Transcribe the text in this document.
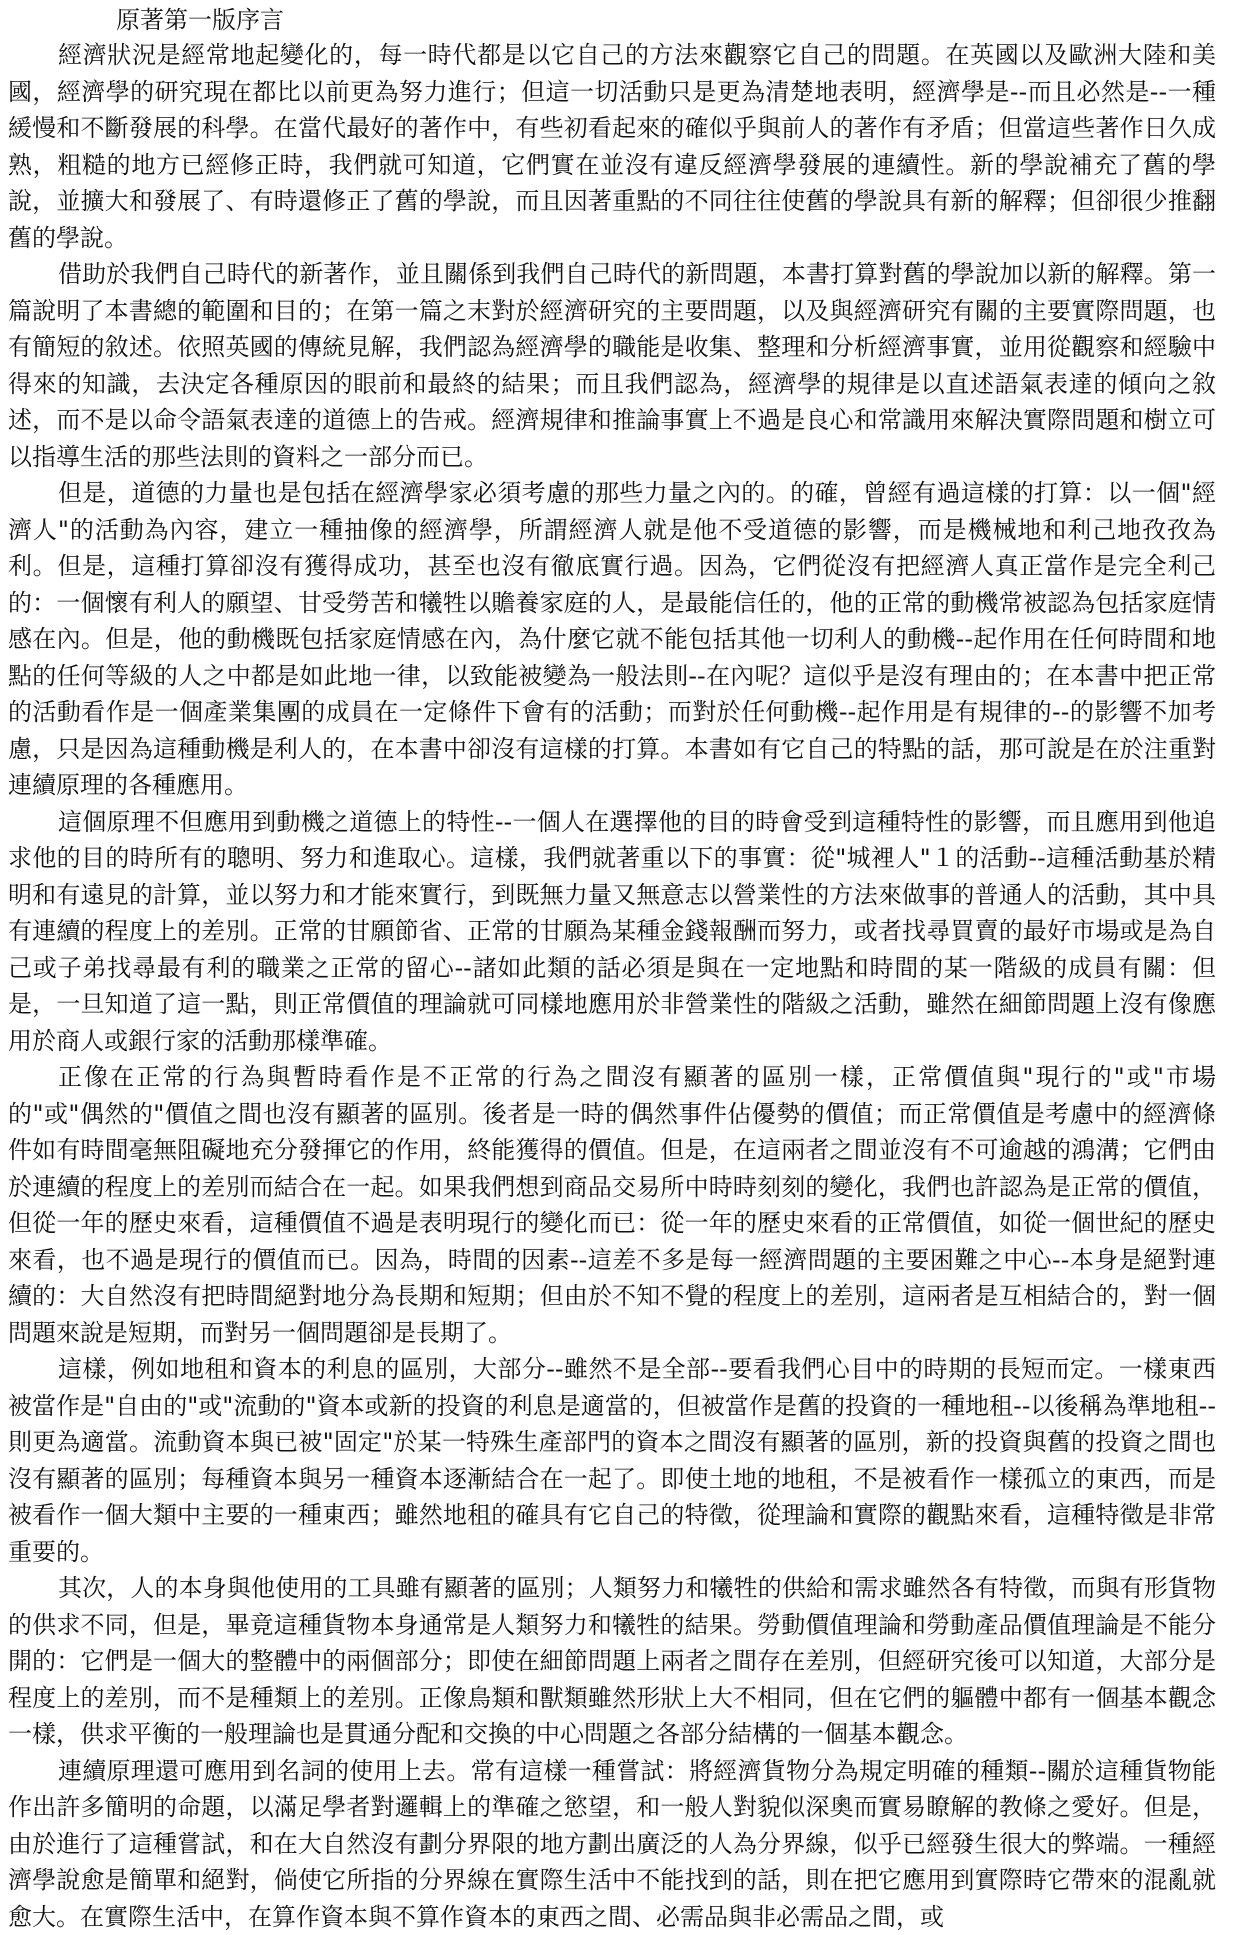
原著第一版序言

經濟狀況是經常地起變化的，每一時代都是以它自己的方法來觀察它自己的問題。在英國以及歐洲大陸和美國，經濟學的研究現在都比以前更為努力進行；但這一切活動只是更為清楚地表明，經濟學是--而且必然是--一種緩慢和不斷發展的科學。在當代最好的著作中，有些初看起來的確似乎與前人的著作有矛盾；但當這些著作日久成熟，粗糙的地方已經修正時，我們就可知道，它們實在並沒有違反經濟學發展的連續性。新的學說補充了舊的學說，並擴大和發展了、有時還修正了舊的學說，而且因著重點的不同往往使舊的學說具有新的解釋；但卻很少推翻舊的學說。

借助於我們自己時代的新著作，並且關係到我們自己時代的新問題，本書打算對舊的學說加以新的解釋。第一篇說明了本書總的範圍和目的；在第一篇之末對於經濟研究的主要問題，以及與經濟研究有關的主要實際問題，也有簡短的敘述。依照英國的傳統見解，我們認為經濟學的職能是收集、整理和分析經濟事實，並用從觀察和經驗中得來的知識，去決定各種原因的眼前和最終的結果；而且我們認為，經濟學的規律是以直述語氣表達的傾向之敘述，而不是以命令語氣表達的道德上的告戒。經濟規律和推論事實上不過是良心和常識用來解決實際問題和樹立可以指導生活的那些法則的資料之一部分而已。

但是，道德的力量也是包括在經濟學家必須考慮的那些力量之內的。的確，曾經有過這樣的打算：以一個"經濟人"的活動為內容，建立一種抽像的經濟學，所謂經濟人就是他不受道德的影響，而是機械地和利己地孜孜為利。但是，這種打算卻沒有獲得成功，甚至也沒有徹底實行過。因為，它們從沒有把經濟人真正當作是完全利己的：一個懷有利人的願望、甘受勞苦和犧牲以贍養家庭的人，是最能信任的，他的正常的動機常被認為包括家庭情感在內。但是，他的動機既包括家庭情感在內，為什麼它就不能包括其他一切利人的動機--起作用在任何時間和地點的任何等級的人之中都是如此地一律，以致能被變為一般法則--在內呢？這似乎是沒有理由的；在本書中把正常的活動看作是一個產業集團的成員在一定條件下會有的活動；而對於任何動機--起作用是有規律的--的影響不加考慮，只是因為這種動機是利人的，在本書中卻沒有這樣的打算。本書如有它自己的特點的話，那可說是在於注重對連續原理的各種應用。

這個原理不但應用到動機之道德上的特性--一個人在選擇他的目的時會受到這種特性的影響，而且應用到他追求他的目的時所有的聰明、努力和進取心。這樣，我們就著重以下的事實：從"城裡人"１的活動--這種活動基於精明和有遠見的計算，並以努力和才能來實行，到既無力量又無意志以營業性的方法來做事的普通人的活動，其中具有連續的程度上的差別。正常的甘願節省、正常的甘願為某種金錢報酬而努力，或者找尋買賣的最好市場或是為自己或子弟找尋最有利的職業之正常的留心--諸如此類的話必須是與在一定地點和時間的某一階級的成員有關：但是，一旦知道了這一點，則正常價值的理論就可同樣地應用於非營業性的階級之活動，雖然在細節問題上沒有像應用於商人或銀行家的活動那樣準確。

正像在正常的行為與暫時看作是不正常的行為之間沒有顯著的區別一樣，正常價值與"現行的"或"市場的"或"偶然的"價值之間也沒有顯著的區別。後者是一時的偶然事件佔優勢的價值；而正常價值是考慮中的經濟條件如有時間毫無阻礙地充分發揮它的作用，終能獲得的價值。但是，在這兩者之間並沒有不可逾越的鴻溝；它們由於連續的程度上的差別而結合在一起。如果我們想到商品交易所中時時刻刻的變化，我們也許認為是正常的價值，但從一年的歷史來看，這種價值不過是表明現行的變化而已：從一年的歷史來看的正常價值，如從一個世紀的歷史來看，也不過是現行的價值而已。因為，時間的因素--這差不多是每一經濟問題的主要困難之中心--本身是絕對連續的：大自然沒有把時間絕對地分為長期和短期；但由於不知不覺的程度上的差別，這兩者是互相結合的，對一個問題來說是短期，而對另一個問題卻是長期了。

這樣，例如地租和資本的利息的區別，大部分--雖然不是全部--要看我們心目中的時期的長短而定。一樣東西被當作是"自由的"或"流動的"資本或新的投資的利息是適當的，但被當作是舊的投資的一種地租--以後稱為準地租--則更為適當。流動資本與已被"固定"於某一特殊生產部門的資本之間沒有顯著的區別，新的投資與舊的投資之間也沒有顯著的區別；每種資本與另一種資本逐漸結合在一起了。即使土地的地租，不是被看作一樣孤立的東西，而是被看作一個大類中主要的一種東西；雖然地租的確具有它自己的特徵，從理論和實際的觀點來看，這種特徵是非常重要的。

其次，人的本身與他使用的工具雖有顯著的區別；人類努力和犧牲的供給和需求雖然各有特徵，而與有形貨物的供求不同，但是，畢竟這種貨物本身通常是人類努力和犧牲的結果。勞動價值理論和勞動產品價值理論是不能分開的：它們是一個大的整體中的兩個部分；即使在細節問題上兩者之間存在差別，但經研究後可以知道，大部分是程度上的差別，而不是種類上的差別。正像鳥類和獸類雖然形狀上大不相同，但在它們的軀體中都有一個基本觀念一樣，供求平衡的一般理論也是貫通分配和交換的中心問題之各部分結構的一個基本觀念。

連續原理還可應用到名詞的使用上去。常有這樣一種嘗試：將經濟貨物分為規定明確的種類--關於這種貨物能作出許多簡明的命題，以滿足學者對邏輯上的準確之慾望，和一般人對貌似深奧而實易瞭解的教條之愛好。但是，由於進行了這種嘗試，和在大自然沒有劃分界限的地方劃出廣泛的人為分界線，似乎已經發生很大的弊端。一種經濟學說愈是簡單和絕對，倘使它所指的分界線在實際生活中不能找到的話，則在把它應用到實際時它帶來的混亂就愈大。在實際生活中，在算作資本與不算作資本的東西之間、必需品與非必需品之間，或
